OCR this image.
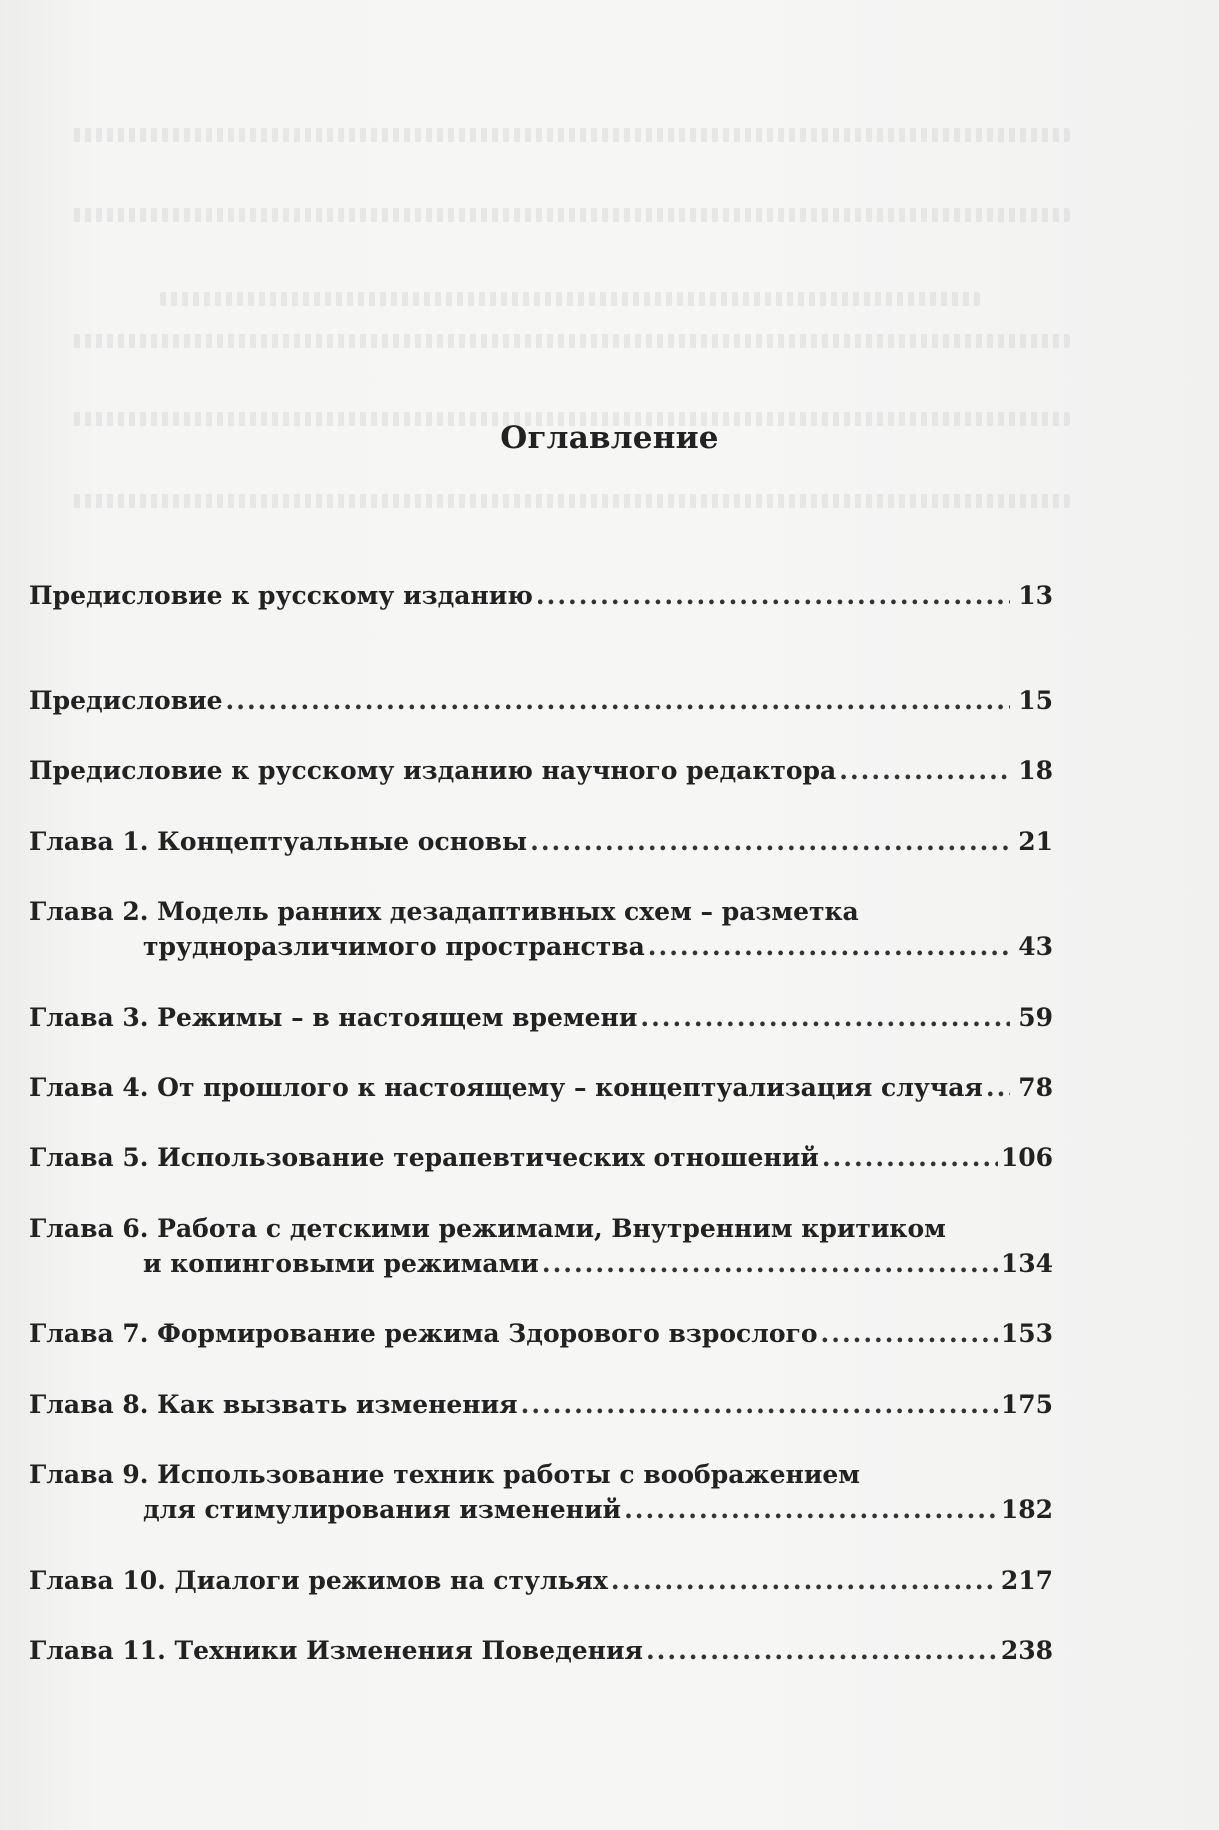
Оглавление
Предисловие к русскому изданию .....	13
Предисловие .....	15
Предисловие к русскому изданию научного редактора .....	18
Глава 1. Концептуальные основы .....	21
Глава 2. Модель ранних дезадаптивных схем – разметка
труднoразличимого пространства .....	43
Глава 3. Режимы – в настоящем времени .....	59
Глава 4. От прошлого к настоящему – концептуализация случая ..... 78
Глава 5. Использование терапевтических отношений .....	106
Глава 6. Работа с детскими режимами, Внутренним критиком
и копинговыми режимами .....	134
Глава 7. Формирование режима Здорового взрослого .....	153
Глава 8. Как вызвать изменения .....	175
Глава 9. Использование техник работы с воображением
для стимулирования изменений .....	182
Глава 10. Диалоги режимов на стульях .....	217
Глава 11. Техники Изменения Поведения .....	238
